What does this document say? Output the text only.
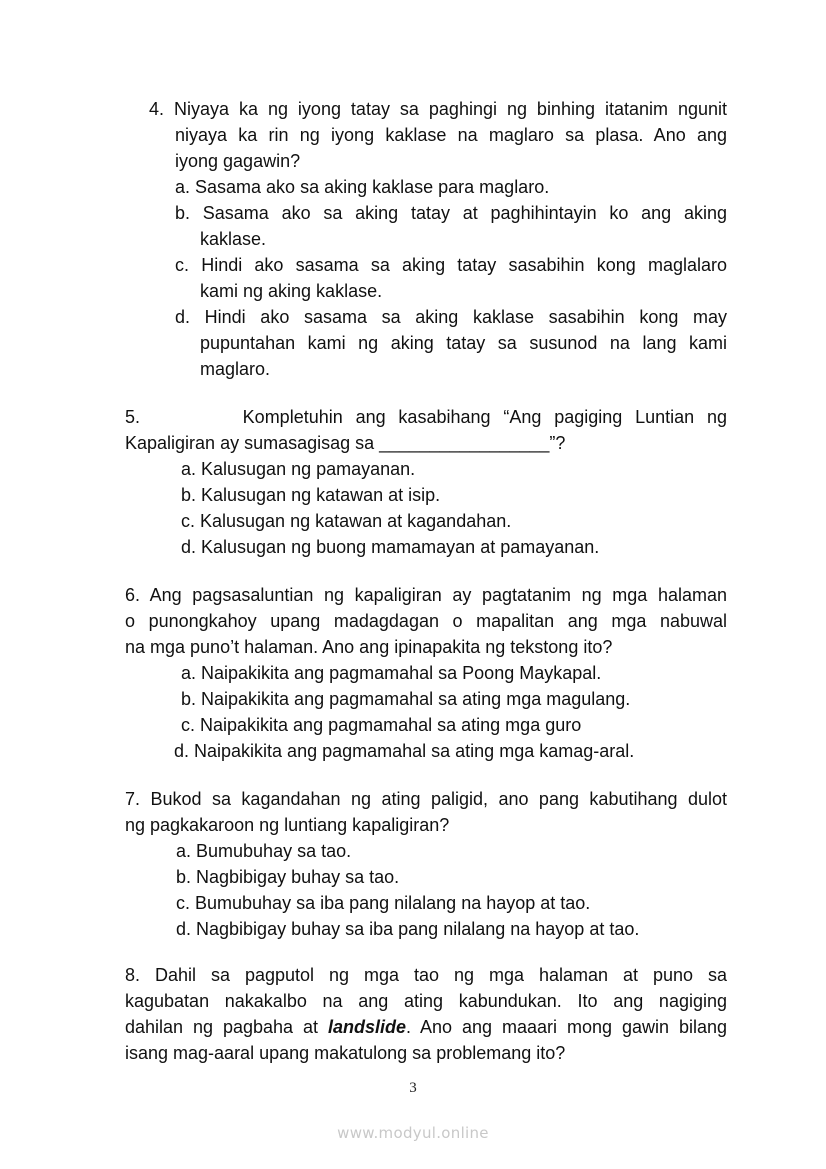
4. Niyaya ka ng iyong tatay sa paghingi ng binhing itatanim ngunit
niyaya ka rin ng iyong kaklase na maglaro sa plasa. Ano ang
iyong gagawin?
a. Sasama ako sa aking kaklase para maglaro.
b. Sasama ako sa aking tatay at paghihintayin ko ang aking
kaklase.
c. Hindi ako sasama sa aking tatay sasabihin kong maglalaro
kami ng aking kaklase.
d. Hindi ako sasama sa aking kaklase sasabihin kong may
pupuntahan kami ng aking tatay sa susunod na lang kami
maglaro.
5.        Kompletuhin ang kasabihang “Ang pagiging Luntian ng
Kapaligiran ay sumasagisag sa _________________”?
a. Kalusugan ng pamayanan.
b. Kalusugan ng katawan at isip.
c. Kalusugan ng katawan at kagandahan.
d. Kalusugan ng buong mamamayan at pamayanan.
6. Ang pagsasaluntian ng kapaligiran ay pagtatanim ng mga halaman
o punongkahoy upang madagdagan o mapalitan ang mga nabuwal
na mga puno’t halaman. Ano ang ipinapakita ng tekstong ito?
a. Naipakikita ang pagmamahal sa Poong Maykapal.
b. Naipakikita ang pagmamahal sa ating mga magulang.
c. Naipakikita ang pagmamahal sa ating mga guro
d. Naipakikita ang pagmamahal sa ating mga kamag-aral.
7. Bukod sa kagandahan ng ating paligid, ano pang kabutihang dulot
ng pagkakaroon ng luntiang kapaligiran?
a. Bumubuhay sa tao.
b. Nagbibigay buhay sa tao.
c. Bumubuhay sa iba pang nilalang na hayop at tao.
d. Nagbibigay buhay sa iba pang nilalang na hayop at tao.
8. Dahil sa pagputol ng mga tao ng mga halaman at puno sa
kagubatan nakakalbo na ang ating kabundukan. Ito ang nagiging
dahilan ng pagbaha at landslide. Ano ang maaari mong gawin bilang
isang mag-aaral upang makatulong sa problemang ito?
3
www.modyul.online
